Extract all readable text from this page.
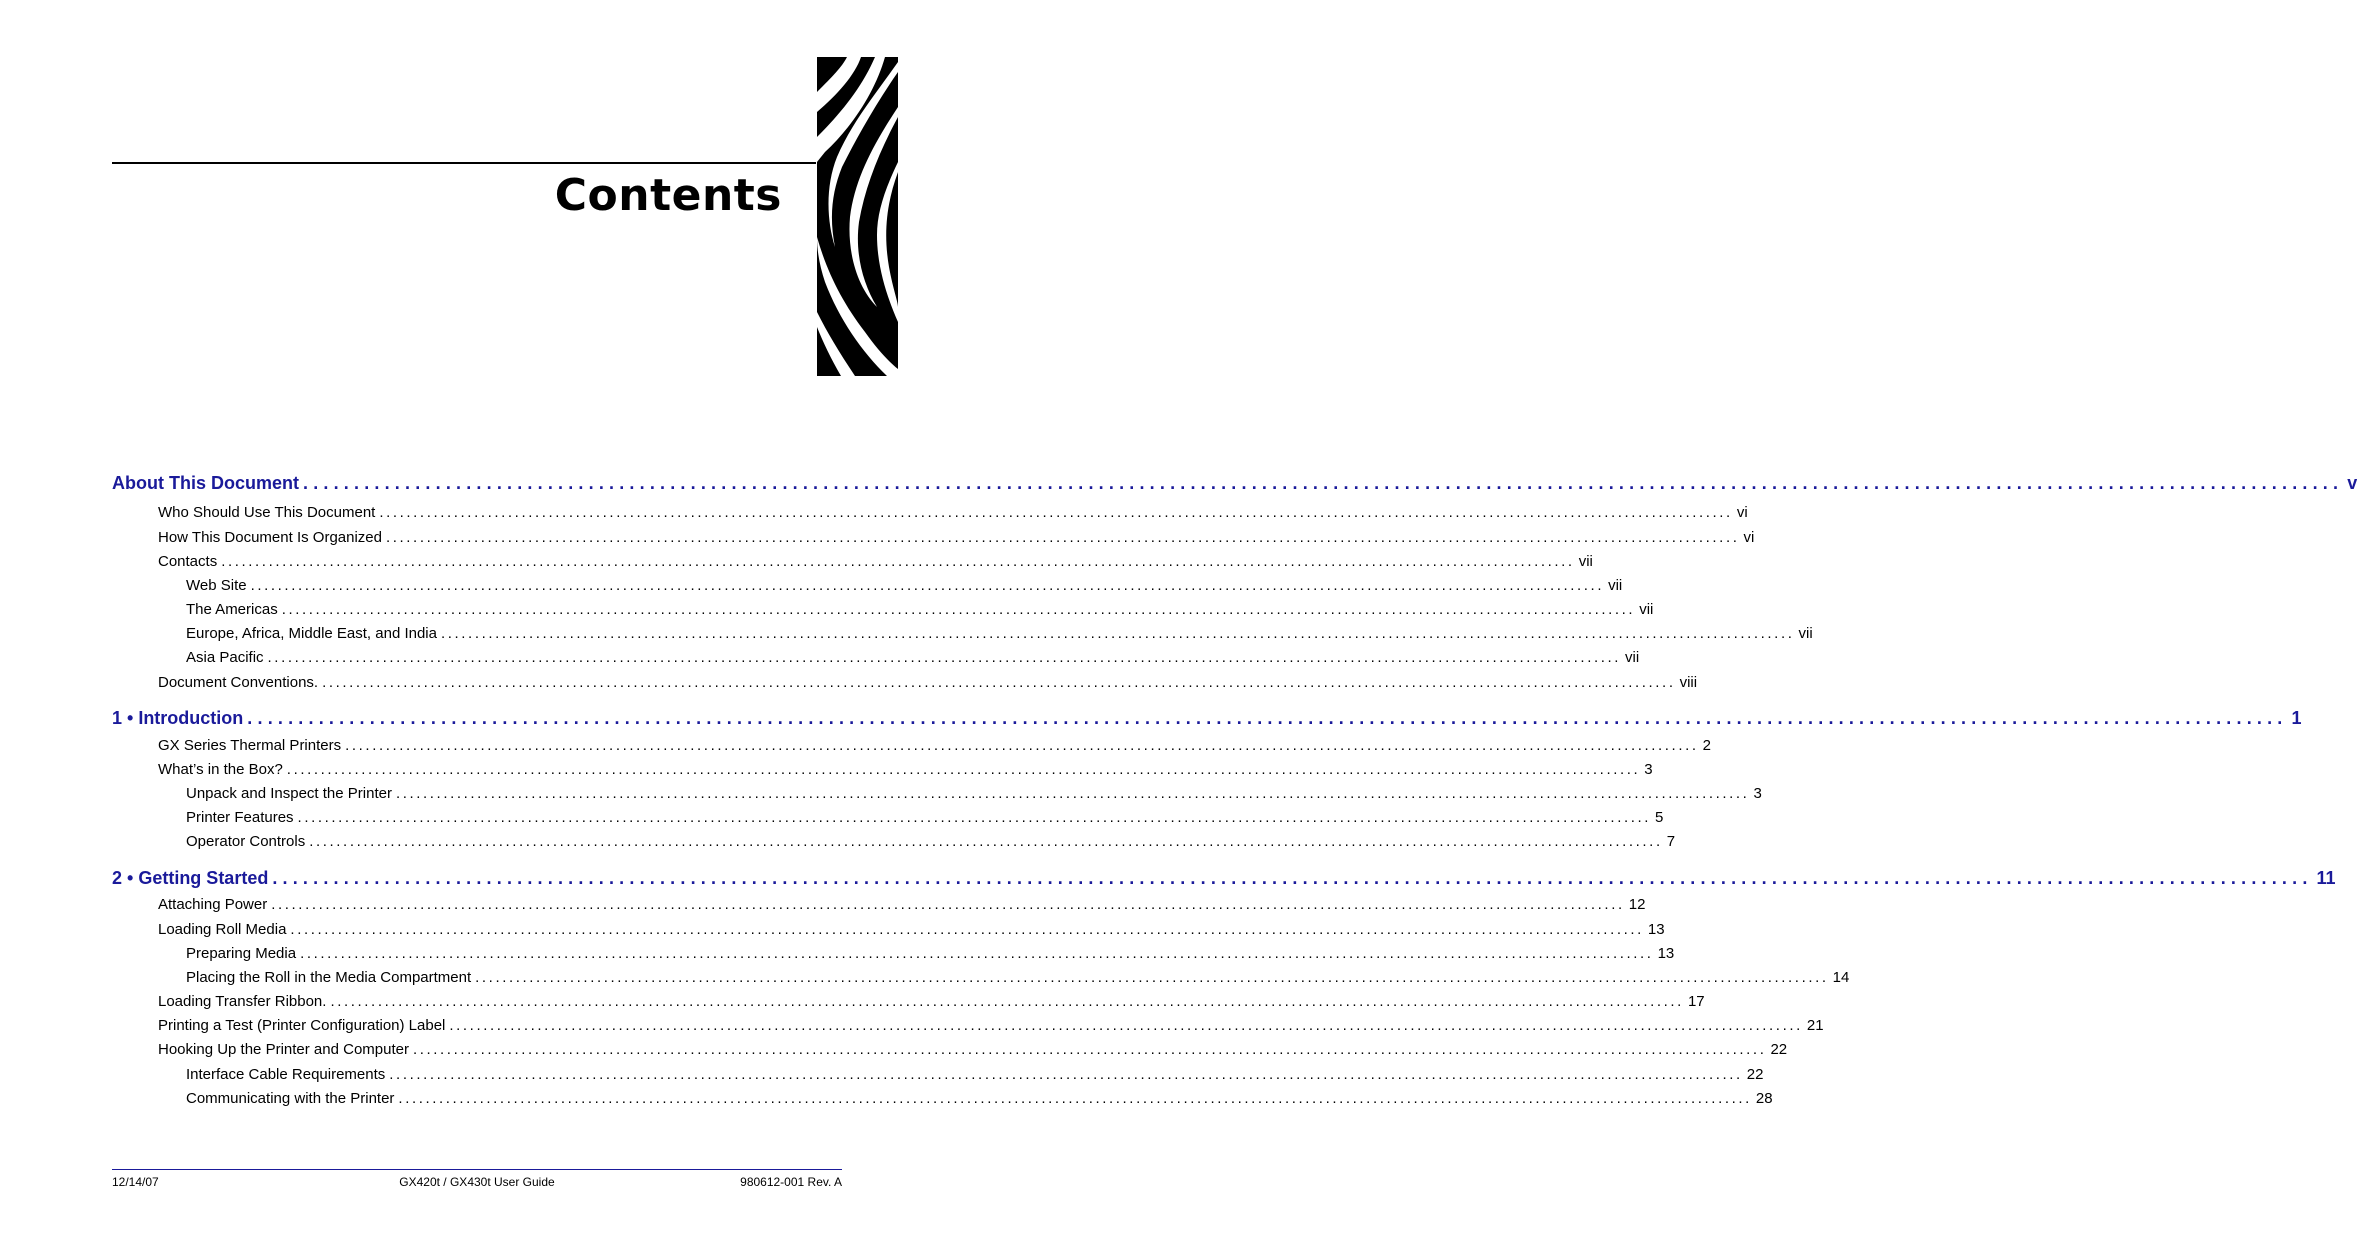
Contents
About This Document ........................................................................................................................................................................................................ v
Who Should Use This Document ........................................................................................................................................................................................................ vi
How This Document Is Organized ........................................................................................................................................................................................................ vi
Contacts ........................................................................................................................................................................................................ vii
Web Site ........................................................................................................................................................................................................ vii
The Americas ........................................................................................................................................................................................................ vii
Europe, Africa, Middle East, and India ........................................................................................................................................................................................................ vii
Asia Pacific ........................................................................................................................................................................................................ vii
Document Conventions. ........................................................................................................................................................................................................ viii
1 • Introduction ........................................................................................................................................................................................................ 1
GX Series Thermal Printers ........................................................................................................................................................................................................ 2
What’s in the Box? ........................................................................................................................................................................................................ 3
Unpack and Inspect the Printer ........................................................................................................................................................................................................ 3
Printer Features ........................................................................................................................................................................................................ 5
Operator Controls ........................................................................................................................................................................................................ 7
2 • Getting Started ........................................................................................................................................................................................................ 11
Attaching Power ........................................................................................................................................................................................................ 12
Loading Roll Media ........................................................................................................................................................................................................ 13
Preparing Media ........................................................................................................................................................................................................ 13
Placing the Roll in the Media Compartment ........................................................................................................................................................................................................ 14
Loading Transfer Ribbon. ........................................................................................................................................................................................................ 17
Printing a Test (Printer Configuration) Label ........................................................................................................................................................................................................ 21
Hooking Up the Printer and Computer ........................................................................................................................................................................................................ 22
Interface Cable Requirements ........................................................................................................................................................................................................ 22
Communicating with the Printer ........................................................................................................................................................................................................ 28
12/14/07	GX420t / GX430t User Guide	980612-001 Rev. A
